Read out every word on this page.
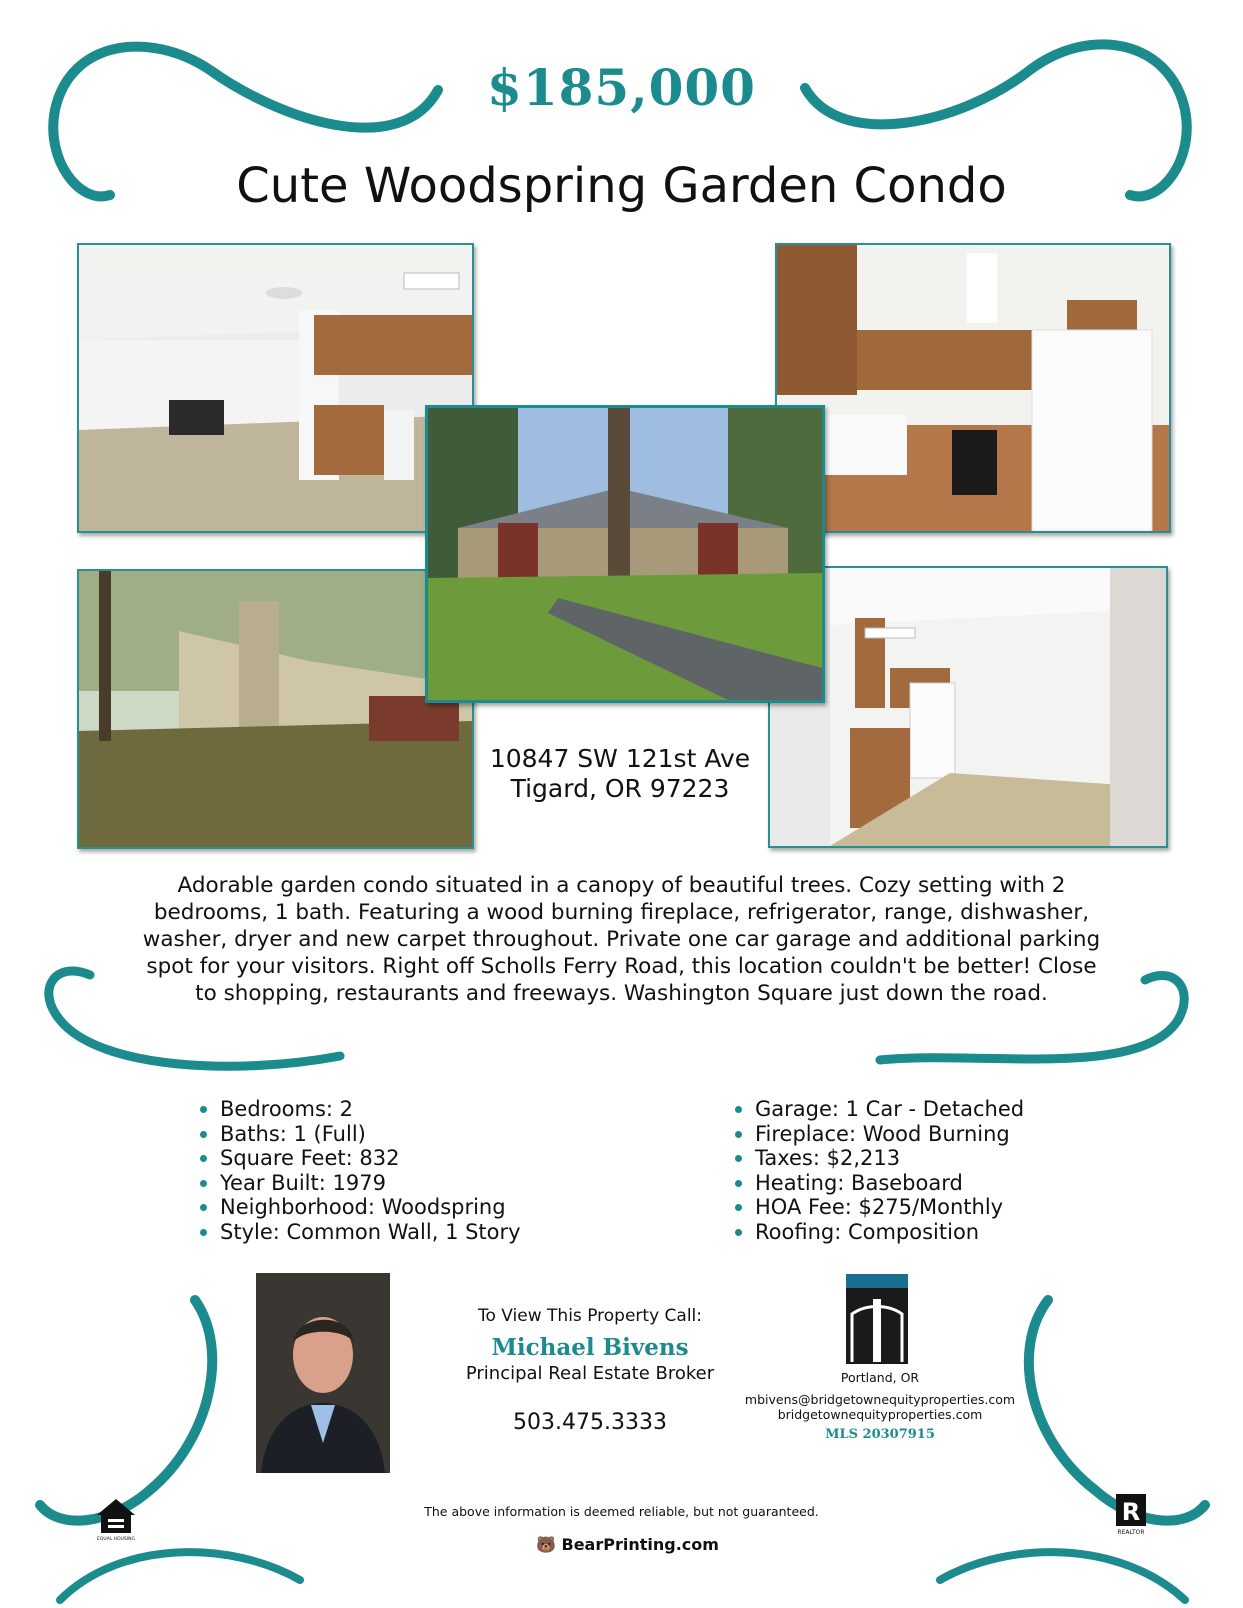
$185,000
Cute Woodspring Garden Condo
10847 SW 121st Ave
Tigard, OR 97223
Adorable garden condo situated in a canopy of beautiful trees. Cozy setting with 2 bedrooms, 1 bath. Featuring a wood burning fireplace, refrigerator, range, dishwasher, washer, dryer and new carpet throughout. Private one car garage and additional parking spot for your visitors. Right off Scholls Ferry Road, this location couldn't be better! Close to shopping, restaurants and freeways. Washington Square just down the road.
Bedrooms: 2
Baths: 1 (Full)
Square Feet: 832
Year Built: 1979
Neighborhood: Woodspring
Style: Common Wall, 1 Story
Garage: 1 Car - Detached
Fireplace: Wood Burning
Taxes: $2,213
Heating: Baseboard
HOA Fee: $275/Monthly
Roofing: Composition
To View This Property Call:
Michael Bivens
Principal Real Estate Broker
503.475.3333
Portland, OR
mbivens@bridgetownequityproperties.com
bridgetownequityproperties.com
MLS 20307915
EQUAL HOUSING
The above information is deemed reliable, but not guaranteed.
🐻 BearPrinting.com
R
REALTOR
